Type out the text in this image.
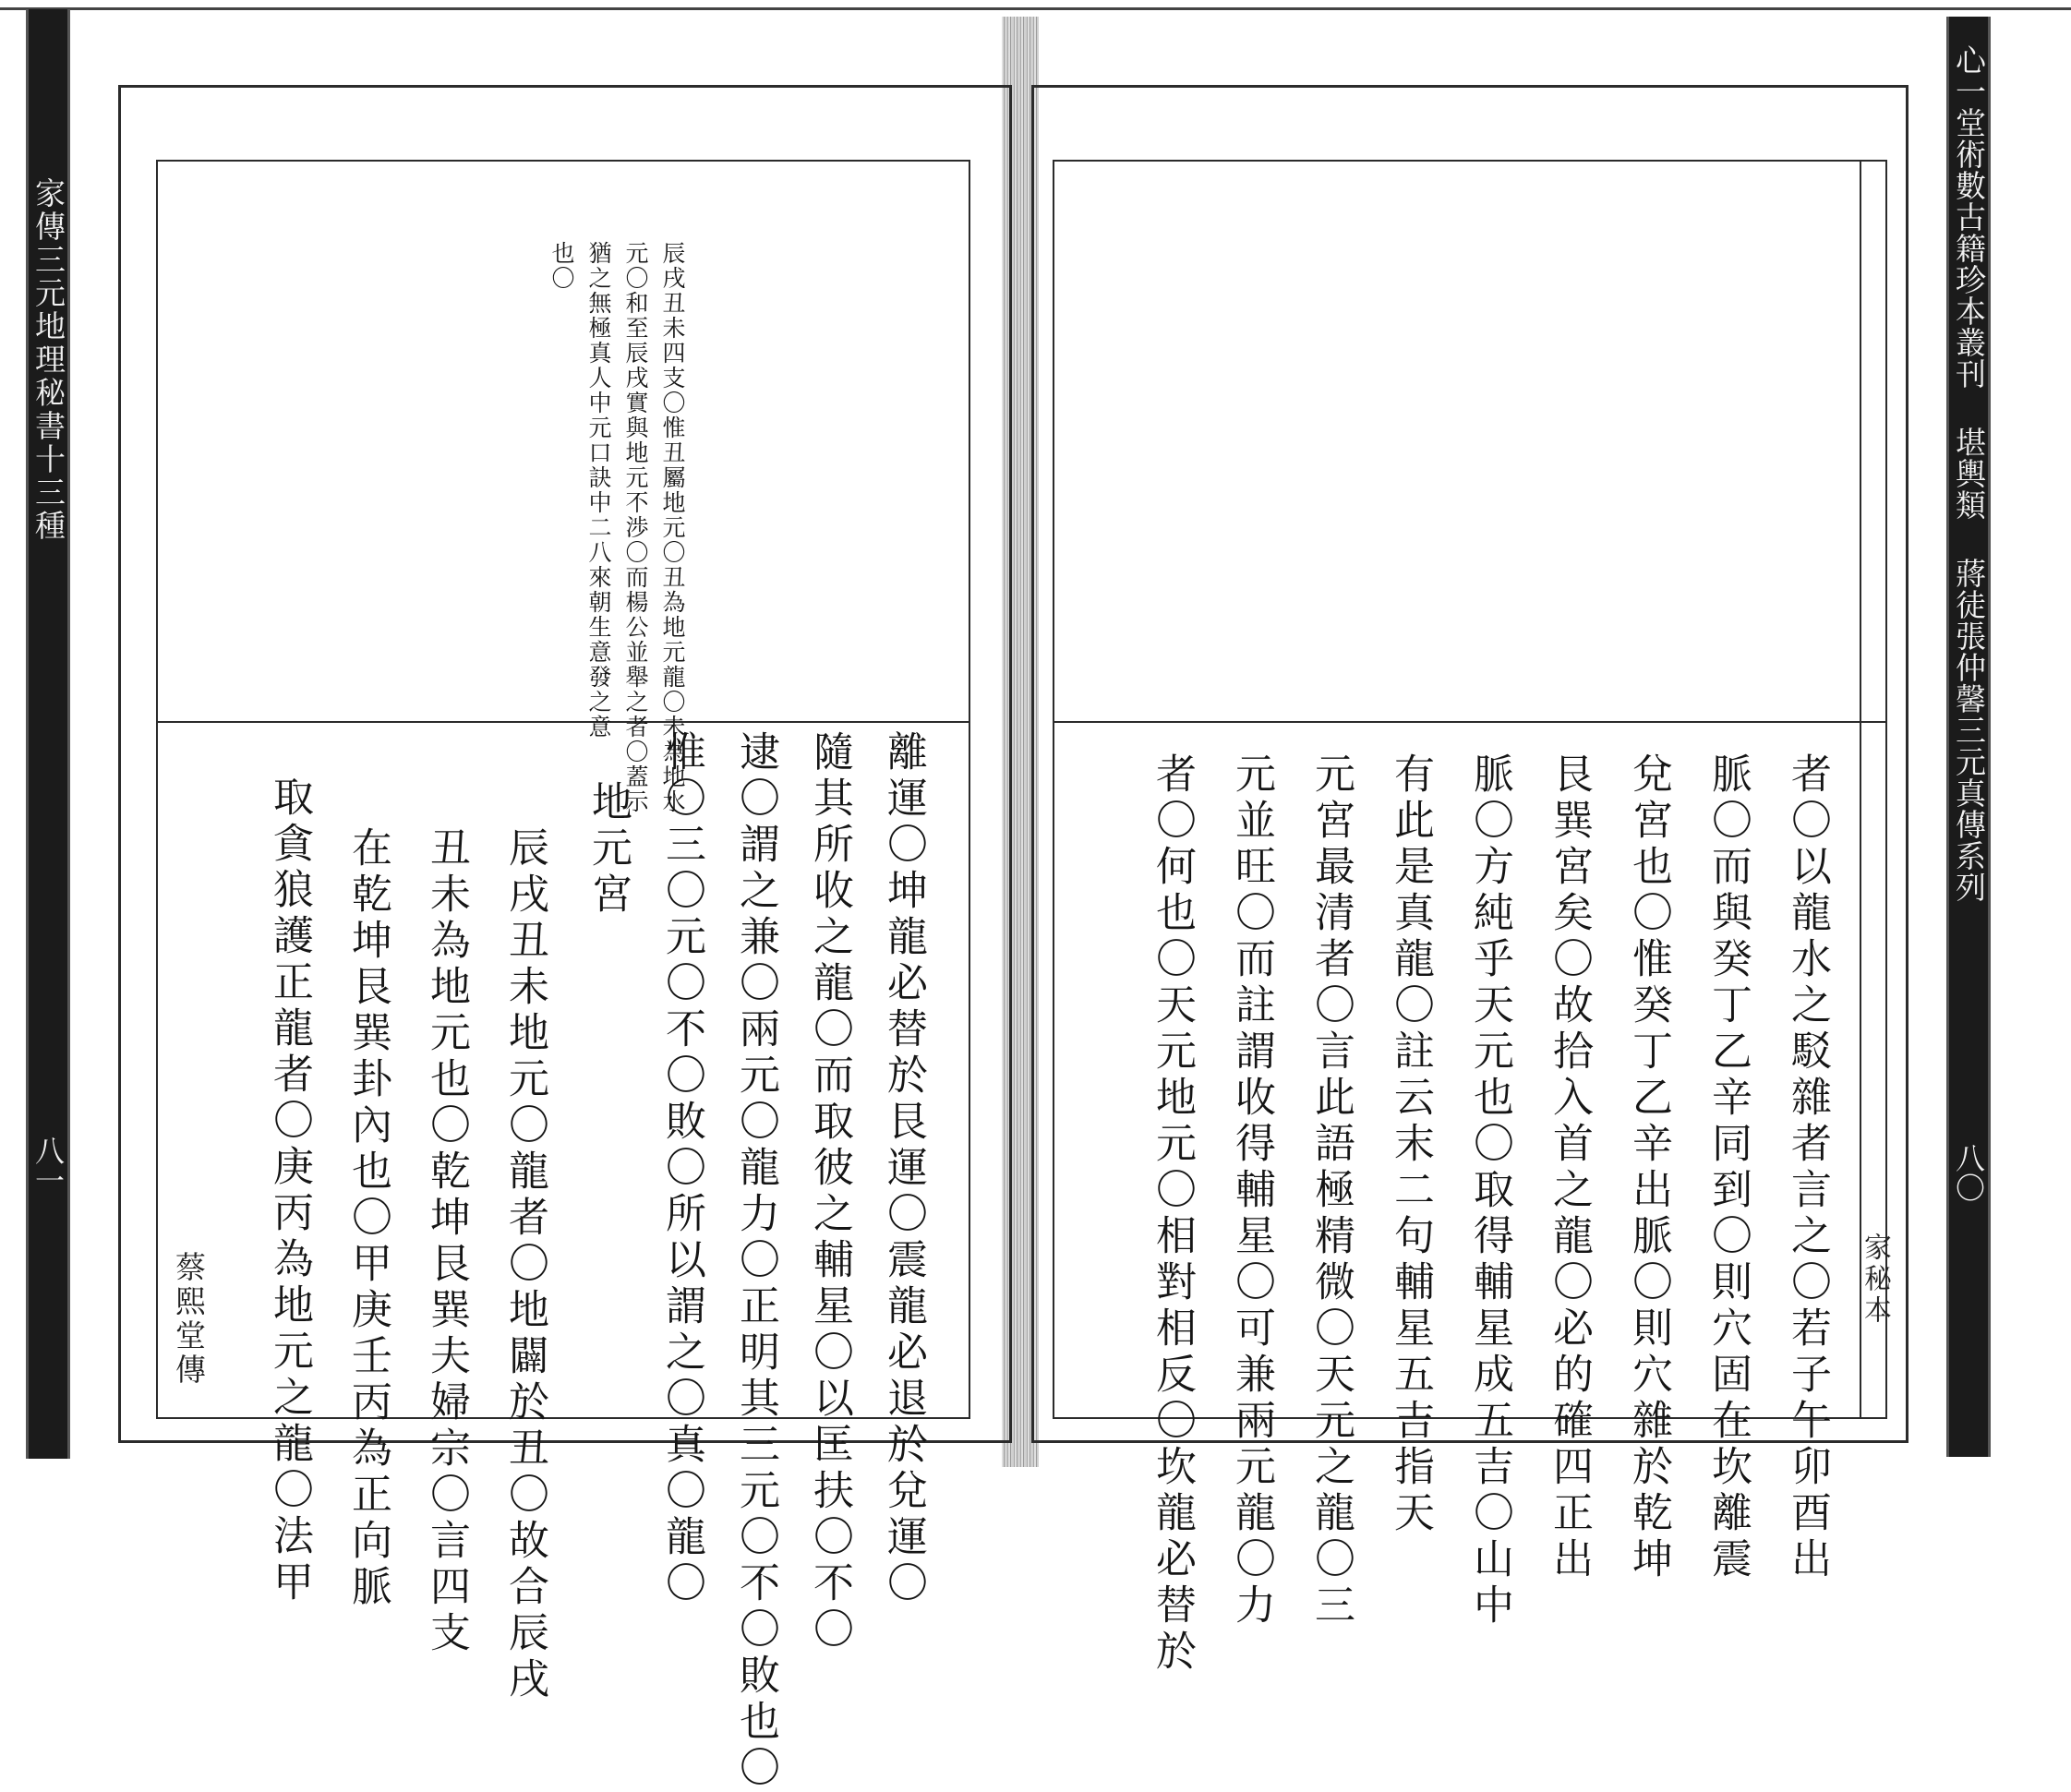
家傳三元地理秘書十三種
八一
心一堂術數古籍珍本叢刊 堪輿類 蔣徒張仲馨三元真傳系列
八〇
辰戌丑未四支〇惟丑屬地元〇丑為地元龍〇未為地水
元〇和至辰戌實與地元不渉〇而楊公並舉之者〇蓋示
猶之無極真人中元口訣中二八來朝生意發之意
也〇
離運〇坤龍必替於艮運〇震龍必退於兌運〇
隨其所收之龍〇而取彼之輔星〇以匡扶〇不〇
逮〇謂之兼〇兩元〇龍力〇正明其三元〇不〇敗也〇
惟〇三〇元〇不〇敗〇所以謂之〇真〇龍〇
地元宮
辰戌丑未地元〇龍者〇地闢於丑〇故合辰戌
丑未為地元也〇乾坤艮巽夫婦宗〇言四支
在乾坤艮巽卦內也〇甲庚壬丙為正向脈
取貪狼護正龍者〇庚丙為地元之龍〇法甲
蔡熙堂傳	者〇以龍水之駁雜者言之〇若子午卯酉出
脈〇而與癸丁乙辛同到〇則穴固在坎離震
兌宮也〇惟癸丁乙辛出脈〇則穴雜於乾坤
艮巽宮矣〇故拾入首之龍〇必的確四正出
脈〇方純乎天元也〇取得輔星成五吉〇山中
有此是真龍〇註云末二句輔星五吉指天
元宮最清者〇言此語極精微〇天元之龍〇三
元並旺〇而註謂收得輔星〇可兼兩元龍〇力
者〇何也〇天元地元〇相對相反〇坎龍必替於	家秘本
